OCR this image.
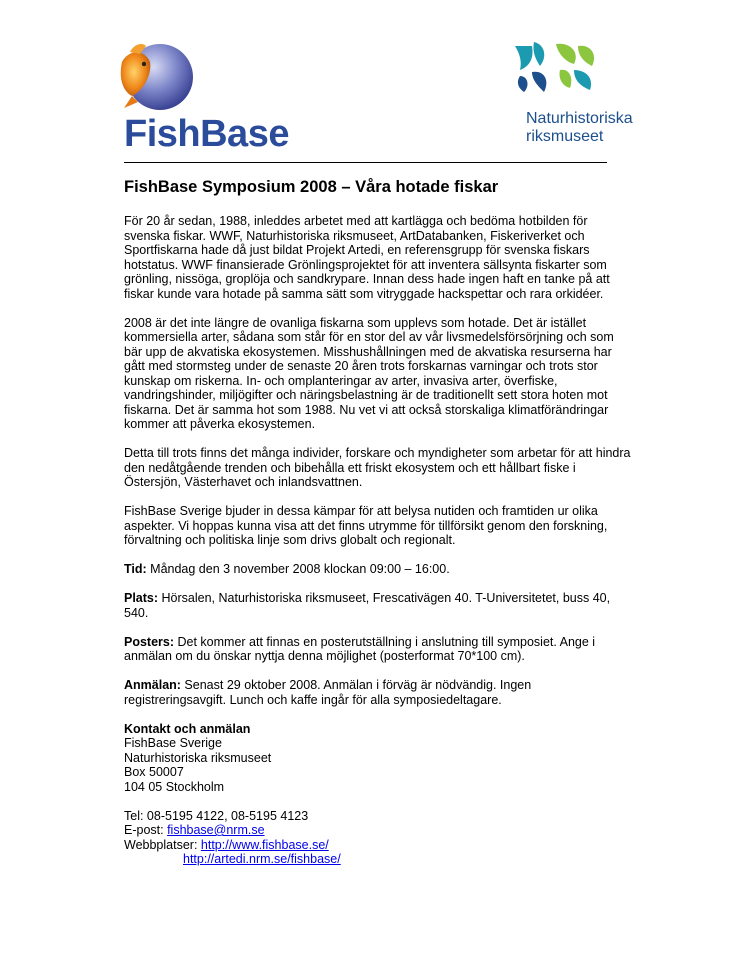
FishBase	Naturhistoriska
riksmuseet
FishBase Symposium 2008 – Våra hotade fiskar

För 20 år sedan, 1988, inleddes arbetet med att kartlägga och bedöma hotbilden för
svenska fiskar. WWF, Naturhistoriska riksmuseet, ArtDatabanken, Fiskeriverket och
Sportfiskarna hade då just bildat Projekt Artedi, en referensgrupp för svenska fiskars
hotstatus. WWF finansierade Grönlingsprojektet för att inventera sällsynta fiskarter som
grönling, nissöga, groplöja och sandkrypare. Innan dess hade ingen haft en tanke på att
fiskar kunde vara hotade på samma sätt som vitryggade hackspettar och rara orkidéer.

2008 är det inte längre de ovanliga fiskarna som upplevs som hotade. Det är istället
kommersiella arter, sådana som står för en stor del av vår livsmedelsförsörjning och som
bär upp de akvatiska ekosystemen. Misshushållningen med de akvatiska resurserna har
gått med stormsteg under de senaste 20 åren trots forskarnas varningar och trots stor
kunskap om riskerna. In- och omplanteringar av arter, invasiva arter, överfiske,
vandringshinder, miljögifter och näringsbelastning är de traditionellt sett stora hoten mot
fiskarna. Det är samma hot som 1988. Nu vet vi att också storskaliga klimatförändringar
kommer att påverka ekosystemen.

Detta till trots finns det många individer, forskare och myndigheter som arbetar för att hindra
den nedåtgående trenden och bibehålla ett friskt ekosystem och ett hållbart fiske i
Östersjön, Västerhavet och inlandsvattnen.

FishBase Sverige bjuder in dessa kämpar för att belysa nutiden och framtiden ur olika
aspekter. Vi hoppas kunna visa att det finns utrymme för tillförsikt genom den forskning,
förvaltning och politiska linje som drivs globalt och regionalt.

Tid: Måndag den 3 november 2008 klockan 09:00 – 16:00.

Plats: Hörsalen, Naturhistoriska riksmuseet, Frescativägen 40. T-Universitetet, buss 40,
540.

Posters: Det kommer att finnas en posterutställning i anslutning till symposiet. Ange i
anmälan om du önskar nyttja denna möjlighet (posterformat 70*100 cm).

Anmälan: Senast 29 oktober 2008. Anmälan i förväg är nödvändig. Ingen
registreringsavgift. Lunch och kaffe ingår för alla symposiedeltagare.

Kontakt och anmälan
FishBase Sverige
Naturhistoriska riksmuseet
Box 50007
104 05 Stockholm

Tel: 08-5195 4122, 08-5195 4123
E-post: fishbase@nrm.se
Webbplatser: http://www.fishbase.se/
http://artedi.nrm.se/fishbase/
